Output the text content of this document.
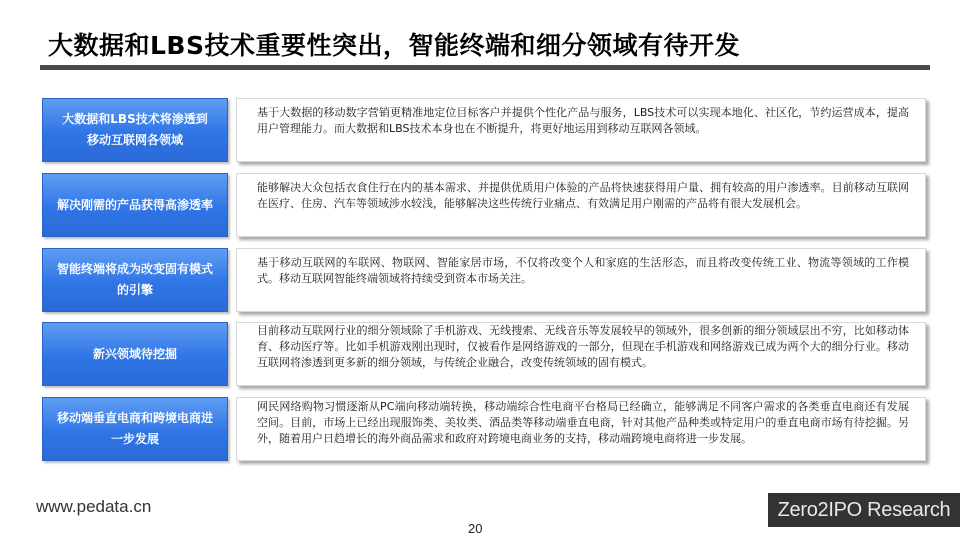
大数据和LBS技术重要性突出，智能终端和细分领域有待开发
大数据和LBS技术将渗透到移动互联网各领域
基于大数据的移动数字营销更精准地定位目标客户并提供个性化产品与服务，LBS技术可以实现本地化、社区化，节约运营成本，提高用户管理能力。而大数据和LBS技术本身也在不断提升，将更好地运用到移动互联网各领域。
解决刚需的产品获得高渗透率
能够解决大众包括衣食住行在内的基本需求、并提供优质用户体验的产品将快速获得用户量、拥有较高的用户渗透率。目前移动互联网在医疗、住房、汽车等领域涉水较浅，能够解决这些传统行业痛点、有效满足用户刚需的产品将有很大发展机会。
智能终端将成为改变固有模式的引擎
基于移动互联网的车联网、物联网、智能家居市场，不仅将改变个人和家庭的生活形态，而且将改变传统工业、物流等领域的工作模式。移动互联网智能终端领域将持续受到资本市场关注。
新兴领域待挖掘
目前移动互联网行业的细分领域除了手机游戏、无线搜索、无线音乐等发展较早的领域外，很多创新的细分领域层出不穷，比如移动体育、移动医疗等。比如手机游戏刚出现时，仅被看作是网络游戏的一部分，但现在手机游戏和网络游戏已成为两个大的细分行业。移动互联网将渗透到更多新的细分领域，与传统企业融合，改变传统领域的固有模式。
移动端垂直电商和跨境电商进一步发展
网民网络购物习惯逐渐从PC端向移动端转换，移动端综合性电商平台格局已经确立，能够满足不同客户需求的各类垂直电商还有发展空间。目前，市场上已经出现服饰类、美妆类、酒品类等移动端垂直电商，针对其他产品种类或特定用户的垂直电商市场有待挖掘。另外，随着用户日趋增长的海外商品需求和政府对跨境电商业务的支持，移动端跨境电商将进一步发展。
www.pedata.cn
20
Zero2IPO Research
